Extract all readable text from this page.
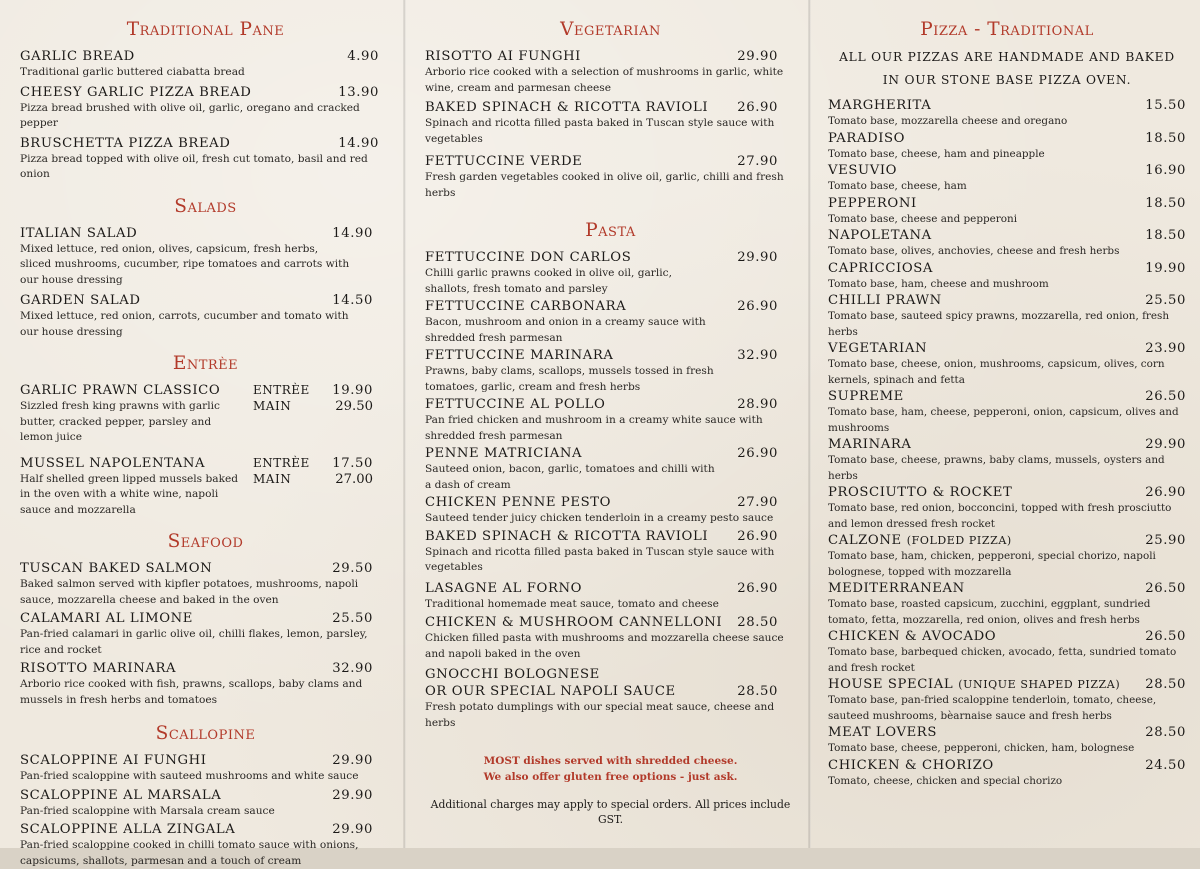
Traditional Pane
GARLIC BREAD	4.90
Traditional garlic buttered ciabatta bread
CHEESY GARLIC PIZZA BREAD	13.90
Pizza bread brushed with olive oil, garlic, oregano and cracked pepper
BRUSCHETTA PIZZA BREAD	14.90
Pizza bread topped with olive oil, fresh cut tomato, basil and red onion
Salads
ITALIAN SALAD	14.90
Mixed lettuce, red onion, olives, capsicum, fresh herbs, sliced mushrooms, cucumber, ripe tomatoes and carrots with our house dressing
GARDEN SALAD	14.50
Mixed lettuce, red onion, carrots, cucumber and tomato with our house dressing
Entrèe
GARLIC PRAWN CLASSICO	ENTRÈE	19.90
Sizzled fresh king prawns with garlic butter, cracked pepper, parsley and lemon juice
MAIN	29.50
MUSSEL NAPOLENTANA	ENTRÈE	17.50
Half shelled green lipped mussels baked in the oven with a white wine, napoli sauce and mozzarella
MAIN	27.00
Seafood
TUSCAN BAKED SALMON	29.50
Baked salmon served with kipfler potatoes, mushrooms, napoli sauce, mozzarella cheese and baked in the oven
CALAMARI AL LIMONE	25.50
Pan-fried calamari in garlic olive oil, chilli flakes, lemon, parsley, rice and rocket
RISOTTO MARINARA	32.90
Arborio rice cooked with fish, prawns, scallops, baby clams and mussels in fresh herbs and tomatoes
Scallopine
SCALOPPINE AI FUNGHI	29.90
Pan-fried scaloppine with sauteed mushrooms and white sauce
SCALOPPINE AL MARSALA	29.90
Pan-fried scaloppine with Marsala cream sauce
SCALOPPINE ALLA ZINGALA	29.90
Pan-fried scaloppine cooked in chilli tomato sauce with onions, capsicums, shallots, parmesan and a touch of cream
Vegetarian
RISOTTO AI FUNGHI	29.90
Arborio rice cooked with a selection of mushrooms in garlic, white wine, cream and parmesan cheese
BAKED SPINACH & RICOTTA RAVIOLI	26.90
Spinach and ricotta filled pasta baked in Tuscan style sauce with vegetables
FETTUCCINE VERDE	27.90
Fresh garden vegetables cooked in olive oil, garlic, chilli and fresh herbs
Pasta
FETTUCCINE DON CARLOS	29.90
Chilli garlic prawns cooked in olive oil, garlic, shallots, fresh tomato and parsley
FETTUCCINE CARBONARA	26.90
Bacon, mushroom and onion in a creamy sauce with shredded fresh parmesan
FETTUCCINE MARINARA	32.90
Prawns, baby clams, scallops, mussels tossed in fresh tomatoes, garlic, cream and fresh herbs
FETTUCCINE AL POLLO	28.90
Pan fried chicken and mushroom in a creamy white sauce with shredded fresh parmesan
PENNE MATRICIANA	26.90
Sauteed onion, bacon, garlic, tomatoes and chilli with a dash of cream
CHICKEN PENNE PESTO	27.90
Sauteed tender juicy chicken tenderloin in a creamy pesto sauce
BAKED SPINACH & RICOTTA RAVIOLI	26.90
Spinach and ricotta filled pasta baked in Tuscan style sauce with vegetables
LASAGNE AL FORNO	26.90
Traditional homemade meat sauce, tomato and cheese
CHICKEN & MUSHROOM CANNELLONI	28.50
Chicken filled pasta with mushrooms and mozzarella cheese sauce and napoli baked in the oven
GNOCCHI BOLOGNESE
OR OUR SPECIAL NAPOLI SAUCE	28.50
Fresh potato dumplings with our special meat sauce, cheese and herbs
MOST dishes served with shredded cheese.
We also offer gluten free options - just ask.
Additional charges may apply to special orders. All prices include GST.
Pizza - Traditional
ALL OUR PIZZAS ARE HANDMADE AND BAKED
IN OUR STONE BASE PIZZA OVEN.
MARGHERITA	15.50
Tomato base, mozzarella cheese and oregano
PARADISO	18.50
Tomato base, cheese, ham and pineapple
VESUVIO	16.90
Tomato base, cheese, ham
PEPPERONI	18.50
Tomato base, cheese and pepperoni
NAPOLETANA	18.50
Tomato base, olives, anchovies, cheese and fresh herbs
CAPRICCIOSA	19.90
Tomato base, ham, cheese and mushroom
CHILLI PRAWN	25.50
Tomato base, sauteed spicy prawns, mozzarella, red onion, fresh herbs
VEGETARIAN	23.90
Tomato base, cheese, onion, mushrooms, capsicum, olives, corn kernels, spinach and fetta
SUPREME	26.50
Tomato base, ham, cheese, pepperoni, onion, capsicum, olives and mushrooms
MARINARA	29.90
Tomato base, cheese, prawns, baby clams, mussels, oysters and herbs
PROSCIUTTO & ROCKET	26.90
Tomato base, red onion, bocconcini, topped with fresh prosciutto and lemon dressed fresh rocket
CALZONE (FOLDED PIZZA)	25.90
Tomato base, ham, chicken, pepperoni, special chorizo, napoli bolognese, topped with mozzarella
MEDITERRANEAN	26.50
Tomato base, roasted capsicum, zucchini, eggplant, sundried tomato, fetta, mozzarella, red onion, olives and fresh herbs
CHICKEN & AVOCADO	26.50
Tomato base, barbequed chicken, avocado, fetta, sundried tomato and fresh rocket
HOUSE SPECIAL (UNIQUE SHAPED PIZZA)	28.50
Tomato base, pan-fried scaloppine tenderloin, tomato, cheese, sauteed mushrooms, bèarnaise sauce and fresh herbs
MEAT LOVERS	28.50
Tomato base, cheese, pepperoni, chicken, ham, bolognese
CHICKEN & CHORIZO	24.50
Tomato, cheese, chicken and special chorizo
